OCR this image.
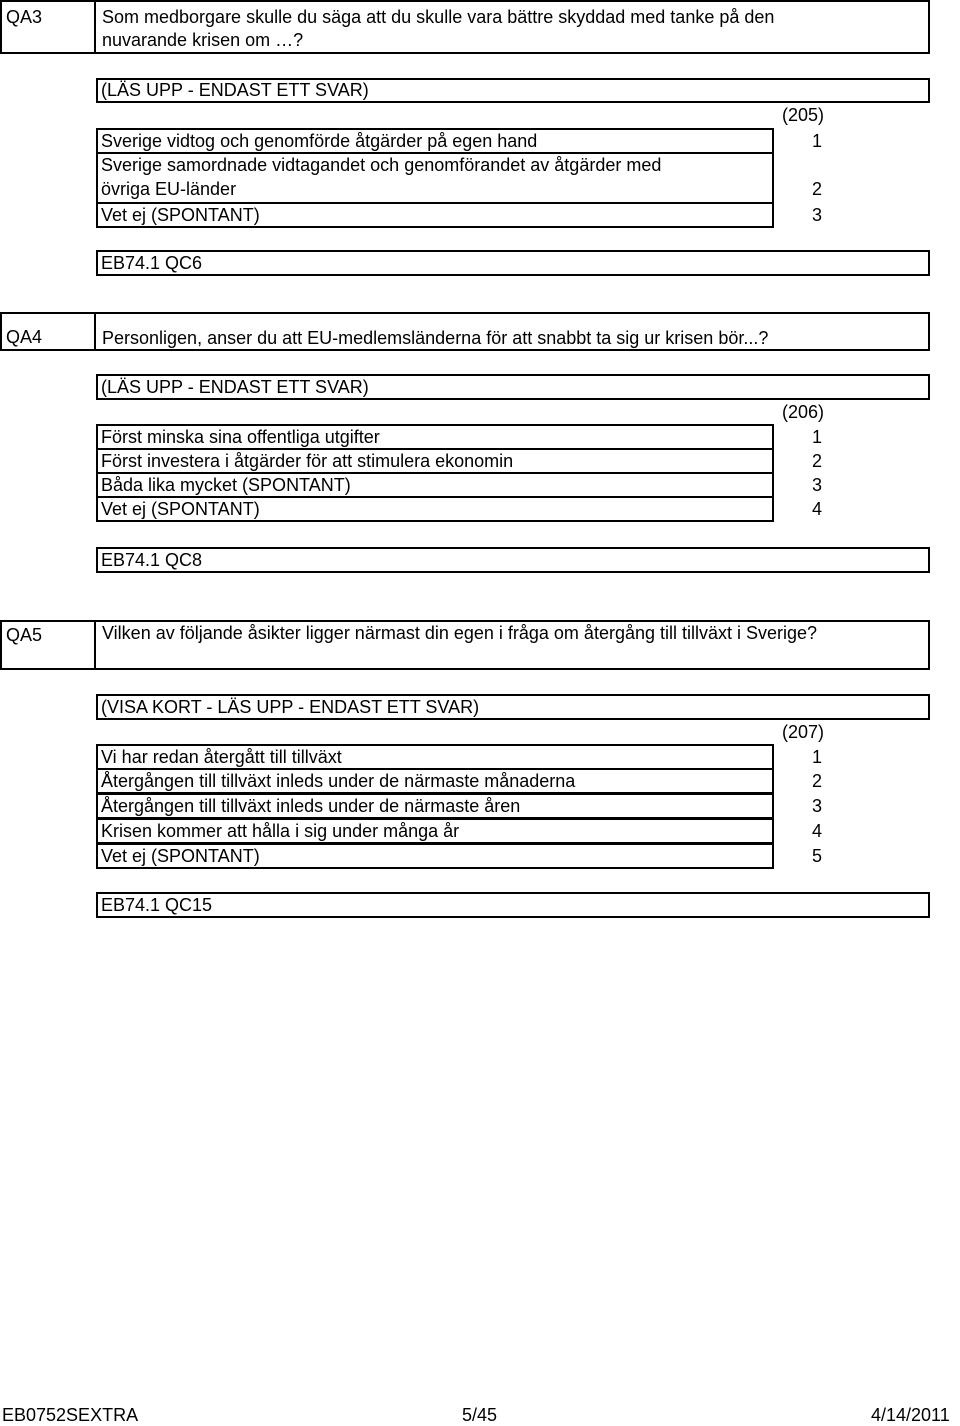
QA3	Som medborgare skulle du säga att du skulle vara bättre skyddad med tanke på den
nuvarande krisen om …?
(LÄS UPP - ENDAST ETT SVAR)
(205)
Sverige vidtog och genomförde åtgärder på egen hand	1
Sverige samordnade vidtagandet och genomförandet av åtgärder med
övriga EU-länder	2
Vet ej (SPONTANT)	3
EB74.1 QC6
QA4	Personligen, anser du att EU-medlemsländerna för att snabbt ta sig ur krisen bör...?
(LÄS UPP - ENDAST ETT SVAR)
(206)
Först minska sina offentliga utgifter	1
Först investera i åtgärder för att stimulera ekonomin	2
Båda lika mycket (SPONTANT)	3
Vet ej (SPONTANT)	4
EB74.1 QC8
QA5	Vilken av följande åsikter ligger närmast din egen i fråga om återgång till tillväxt i Sverige?
(VISA KORT - LÄS UPP - ENDAST ETT SVAR)
(207)
Vi har redan återgått till tillväxt	1
Återgången till tillväxt inleds under de närmaste månaderna	2
Återgången till tillväxt inleds under de närmaste åren	3
Krisen kommer att hålla i sig under många år	4
Vet ej (SPONTANT)	5
EB74.1 QC15
EB0752SEXTRA	5/45	4/14/2011
